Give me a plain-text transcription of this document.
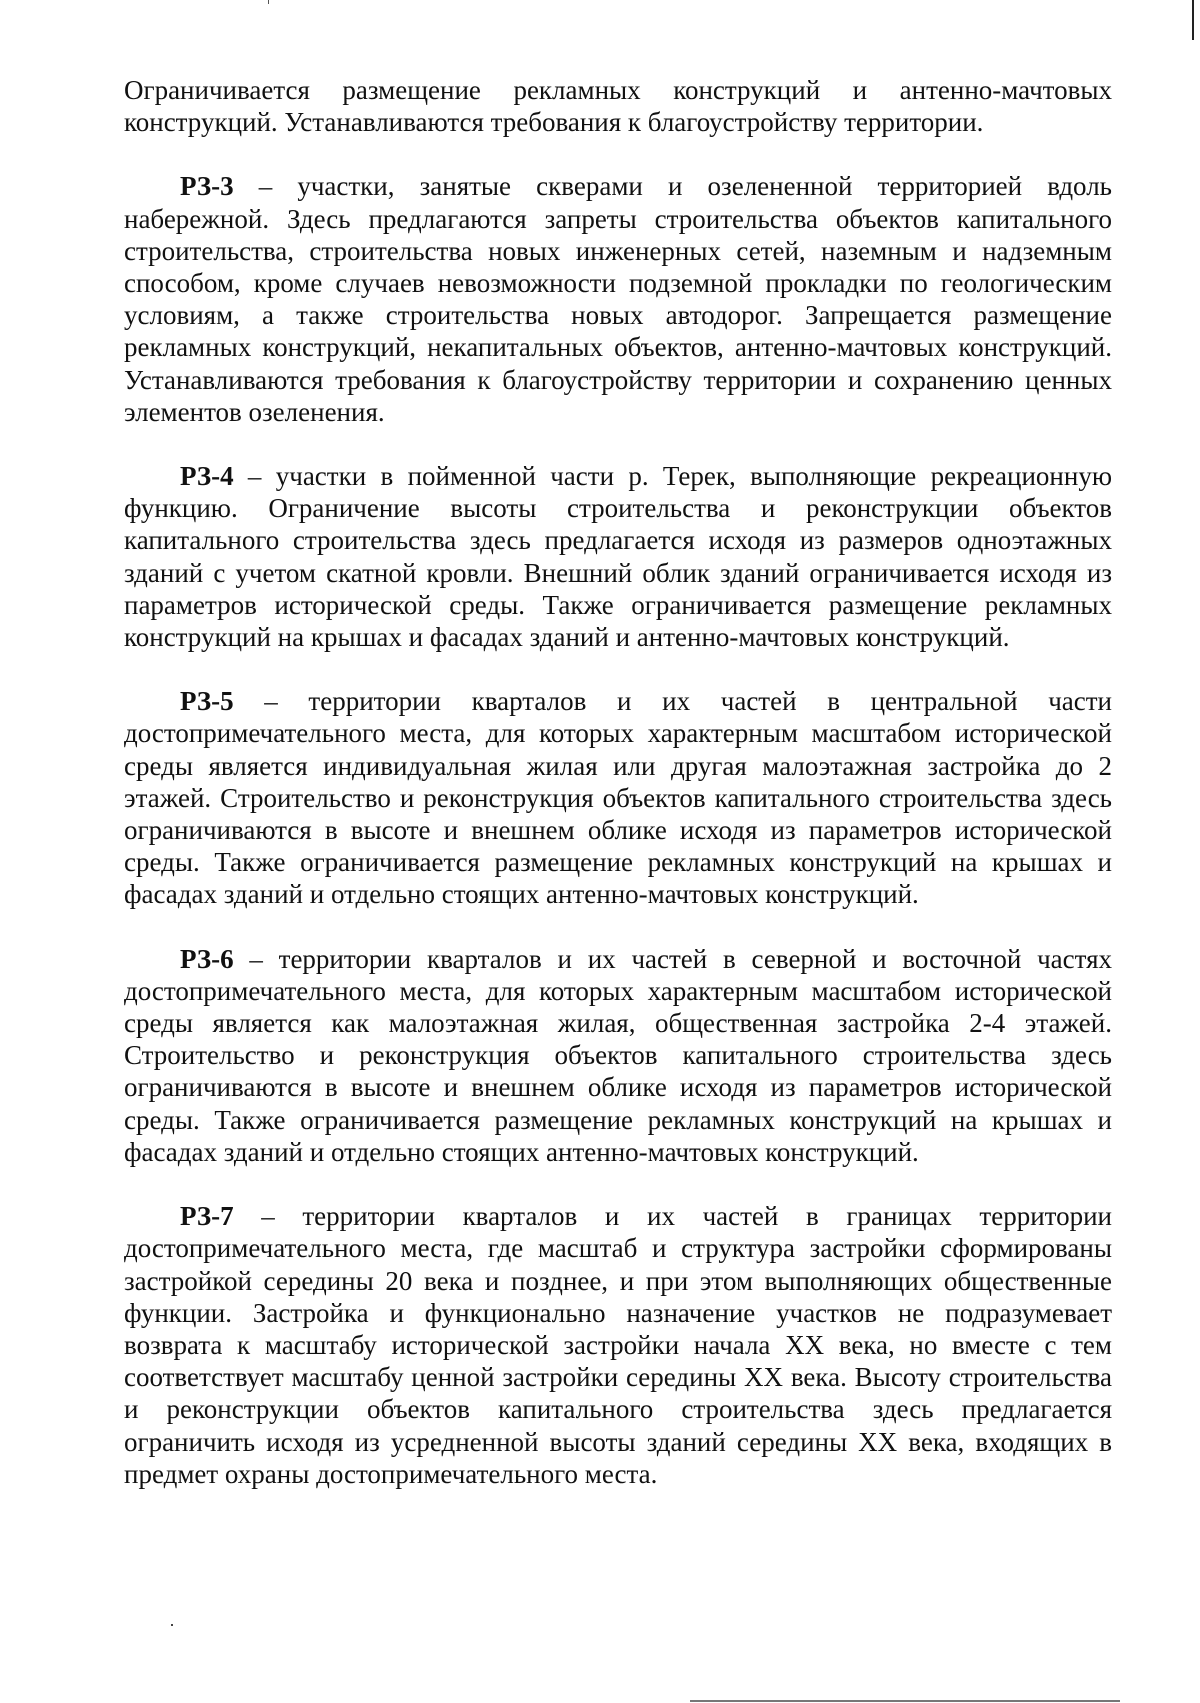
Ограничивается размещение рекламных конструкций и антенно-мачтовых конструкций. Устанавливаются требования к благоустройству территории.

РЗ-3 – участки, занятые скверами и озелененной территорией вдоль набережной. Здесь предлагаются запреты строительства объектов капитального строительства, строительства новых инженерных сетей, наземным и надземным способом, кроме случаев невозможности подземной прокладки по геологическим условиям, а также строительства новых автодорог. Запрещается размещение рекламных конструкций, некапитальных объектов, антенно-мачтовых конструкций. Устанавливаются требования к благоустройству территории и сохранению ценных элементов озеленения.

РЗ-4 – участки в пойменной части р. Терек, выполняющие рекреационную функцию. Ограничение высоты строительства и реконструкции объектов капитального строительства здесь предлагается исходя из размеров одноэтажных зданий с учетом скатной кровли. Внешний облик зданий ограничивается исходя из параметров исторической среды. Также ограничивается размещение рекламных конструкций на крышах и фасадах зданий и антенно-мачтовых конструкций.

РЗ-5 – территории кварталов и их частей в центральной части достопримечательного места, для которых характерным масштабом исторической среды является индивидуальная жилая или другая малоэтажная застройка до 2 этажей. Строительство и реконструкция объектов капитального строительства здесь ограничиваются в высоте и внешнем облике исходя из параметров исторической среды. Также ограничивается размещение рекламных конструкций на крышах и фасадах зданий и отдельно стоящих антенно-мачтовых конструкций.

РЗ-6 – территории кварталов и их частей в северной и восточной частях достопримечательного места, для которых характерным масштабом исторической среды является как малоэтажная жилая, общественная застройка 2-4 этажей. Строительство и реконструкция объектов капитального строительства здесь ограничиваются в высоте и внешнем облике исходя из параметров исторической среды. Также ограничивается размещение рекламных конструкций на крышах и фасадах зданий и отдельно стоящих антенно-мачтовых конструкций.

РЗ-7 – территории кварталов и их частей в границах территории достопримечательного места, где масштаб и структура застройки сформированы застройкой середины 20 века и позднее, и при этом выполняющих общественные функции. Застройка и функционально назначение участков не подразумевает возврата к масштабу исторической застройки начала XX века, но вместе с тем соответствует масштабу ценной застройки середины XX века. Высоту строительства и реконструкции объектов капитального строительства здесь предлагается ограничить исходя из усредненной высоты зданий середины XX века, входящих в предмет охраны достопримечательного места.
